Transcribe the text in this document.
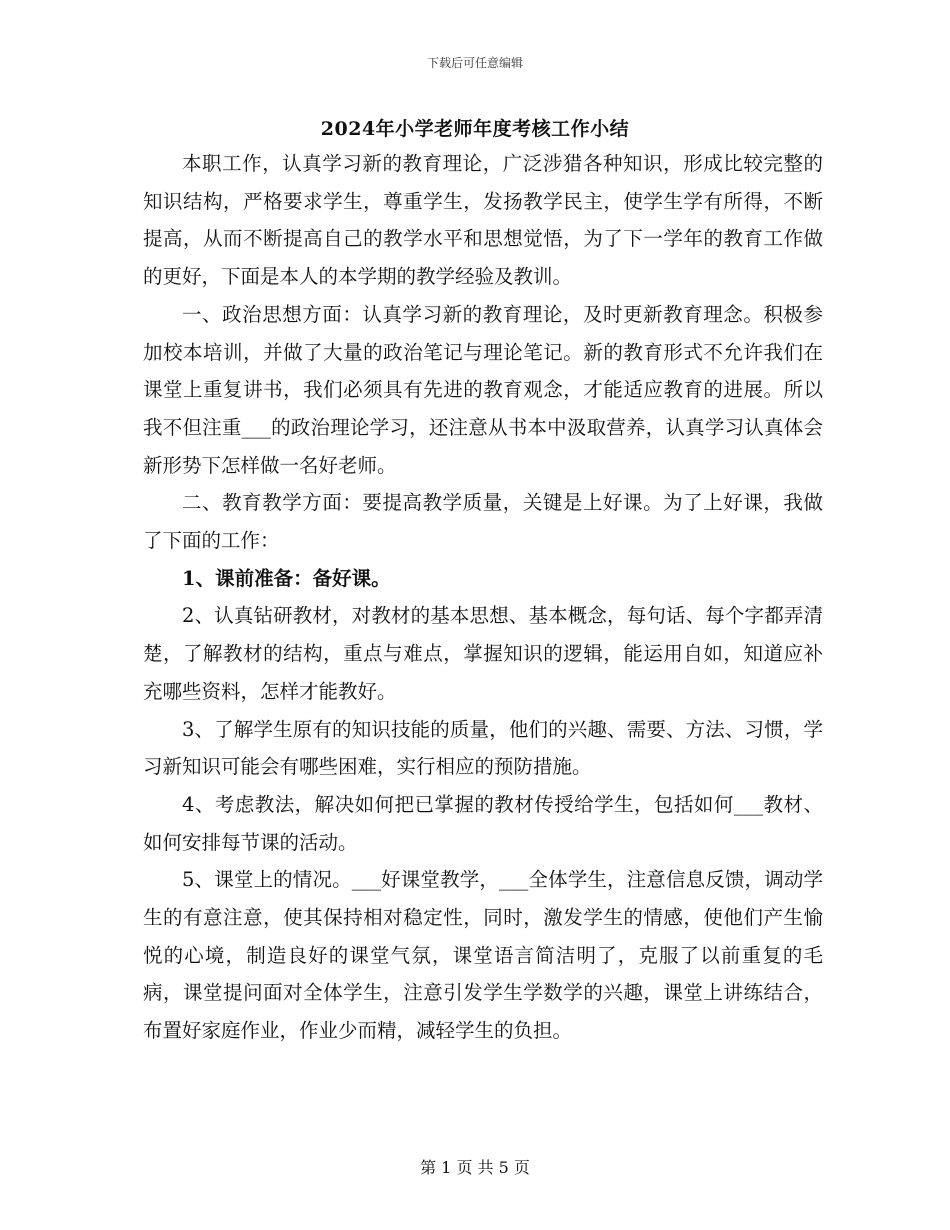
下载后可任意编辑
2024年小学老师年度考核工作小结

本职工作，认真学习新的教育理论，广泛涉猎各种知识，形成比较完整的知识结构，严格要求学生，尊重学生，发扬教学民主，使学生学有所得，不断提高，从而不断提高自己的教学水平和思想觉悟，为了下一学年的教育工作做的更好，下面是本人的本学期的教学经验及教训。

一、政治思想方面：认真学习新的教育理论，及时更新教育理念。积极参加校本培训，并做了大量的政治笔记与理论笔记。新的教育形式不允许我们在课堂上重复讲书，我们必须具有先进的教育观念，才能适应教育的进展。所以我不但注重___的政治理论学习，还注意从书本中汲取营养，认真学习认真体会新形势下怎样做一名好老师。

二、教育教学方面：要提高教学质量，关键是上好课。为了上好课，我做了下面的工作：

1、课前准备：备好课。

2、认真钻研教材，对教材的基本思想、基本概念，每句话、每个字都弄清楚，了解教材的结构，重点与难点，掌握知识的逻辑，能运用自如，知道应补充哪些资料，怎样才能教好。

3、了解学生原有的知识技能的质量，他们的兴趣、需要、方法、习惯，学习新知识可能会有哪些困难，实行相应的预防措施。

4、考虑教法，解决如何把已掌握的教材传授给学生，包括如何___教材、如何安排每节课的活动。

5、课堂上的情况。___好课堂教学，___全体学生，注意信息反馈，调动学生的有意注意，使其保持相对稳定性，同时，激发学生的情感，使他们产生愉悦的心境，制造良好的课堂气氛，课堂语言简洁明了，克服了以前重复的毛病，课堂提问面对全体学生，注意引发学生学数学的兴趣，课堂上讲练结合，布置好家庭作业，作业少而精，减轻学生的负担。

第 1 页 共 5 页
